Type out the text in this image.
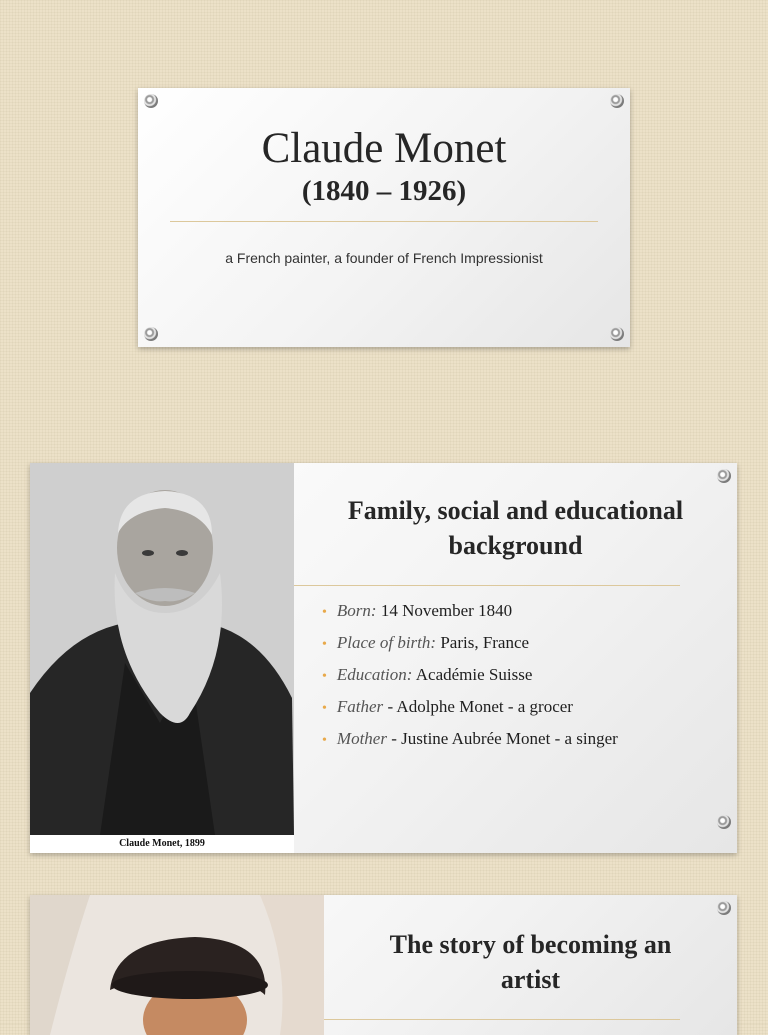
Claude Monet
(1840 – 1926)
a French painter, a founder of French Impressionist
Claude Monet, 1899
Family, social and educational
background
• Born: 14 November 1840
• Place of birth: Paris, France
• Education: Académie Suisse
• Father - Adolphe Monet - a grocer
• Mother - Justine Aubrée Monet - a singer
The story of becoming an
artist
